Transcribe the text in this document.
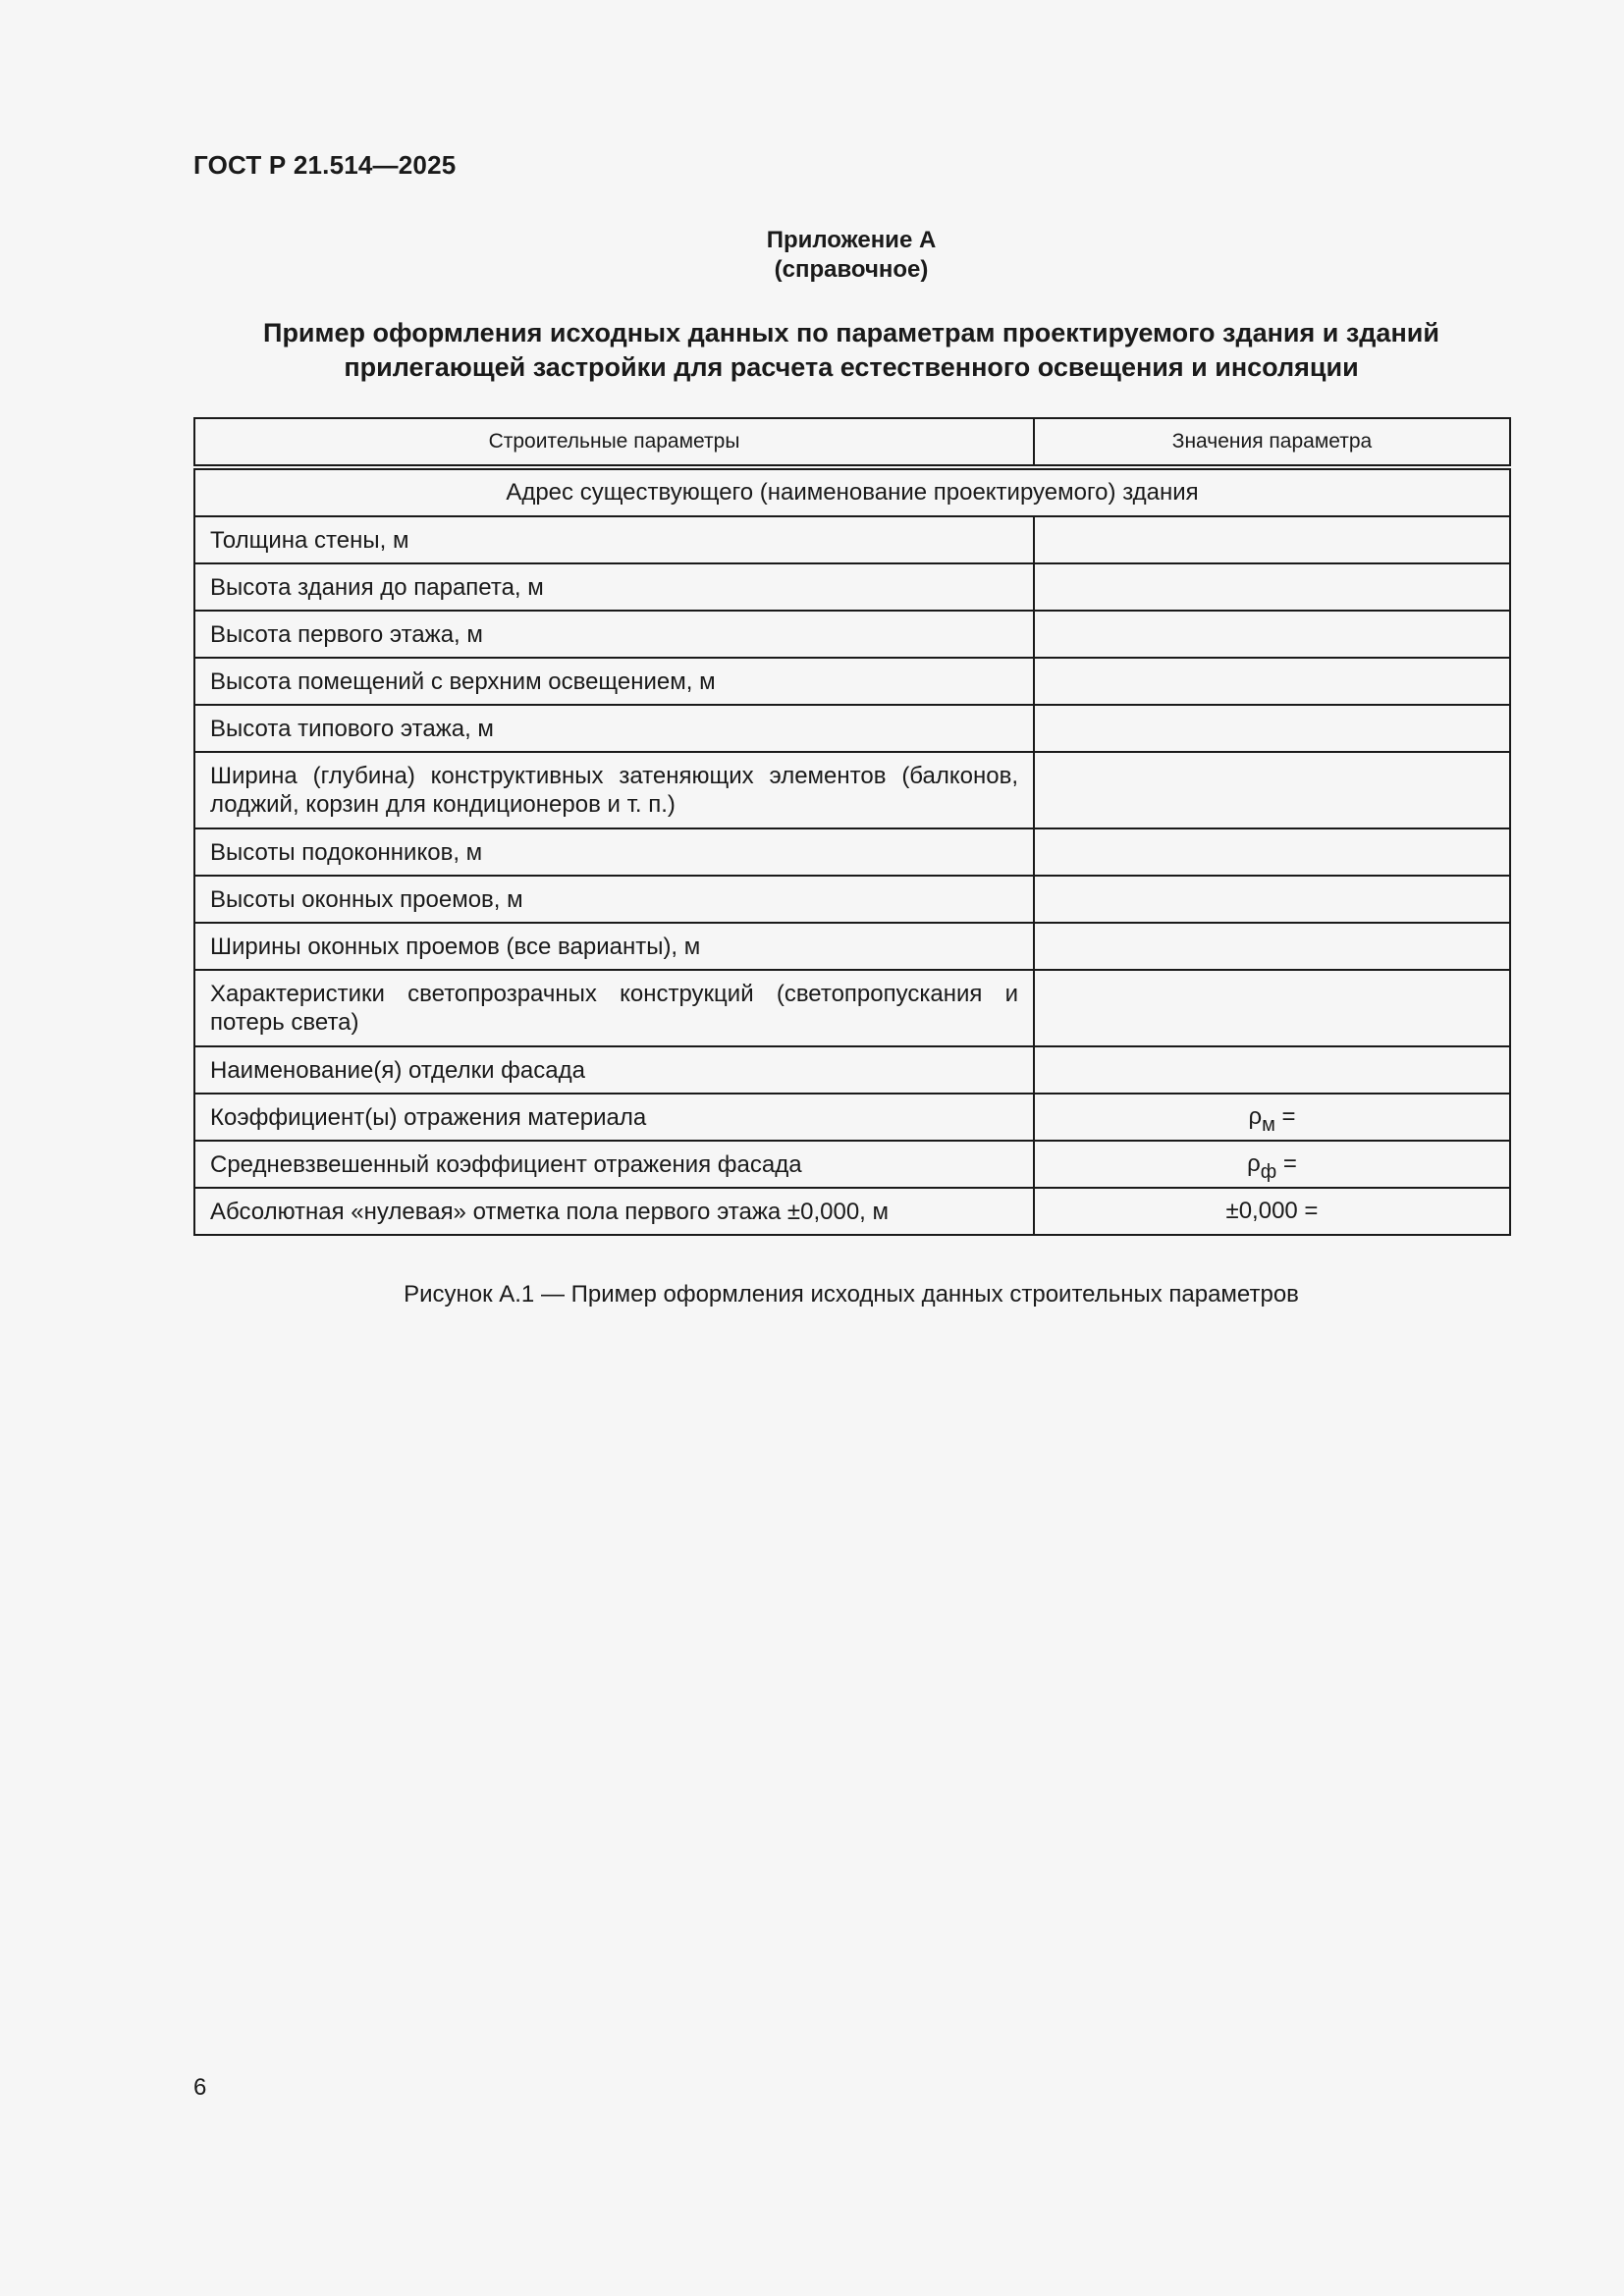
ГОСТ Р 21.514—2025
Приложение А
(справочное)
Пример оформления исходных данных по параметрам проектируемого здания и зданий
прилегающей застройки для расчета естественного освещения и инсоляции
Строительные параметры	Значения параметра
Адрес существующего (наименование проектируемого) здания	
Толщина стены, м	
Высота здания до парапета, м	
Высота первого этажа, м	
Высота помещений с верхним освещением, м	
Высота типового этажа, м	
Ширина (глубина) конструктивных затеняющих элементов (балконов, лоджий, корзин для кондиционеров и т. п.)	
Высоты подоконников, м	
Высоты оконных проемов, м	
Ширины оконных проемов (все варианты), м	
Характеристики светопрозрачных конструкций (светопропускания и потерь света)	
Наименование(я) отделки фасада	
Коэффициент(ы) отражения материала	$\rho_м$ =
Средневзвешенный коэффициент отражения фасада	$\rho_ф$ =
Абсолютная «нулевая» отметка пола первого этажа ±0,000, м	±0,000 =
Рисунок А.1 — Пример оформления исходных данных строительных параметров
6
